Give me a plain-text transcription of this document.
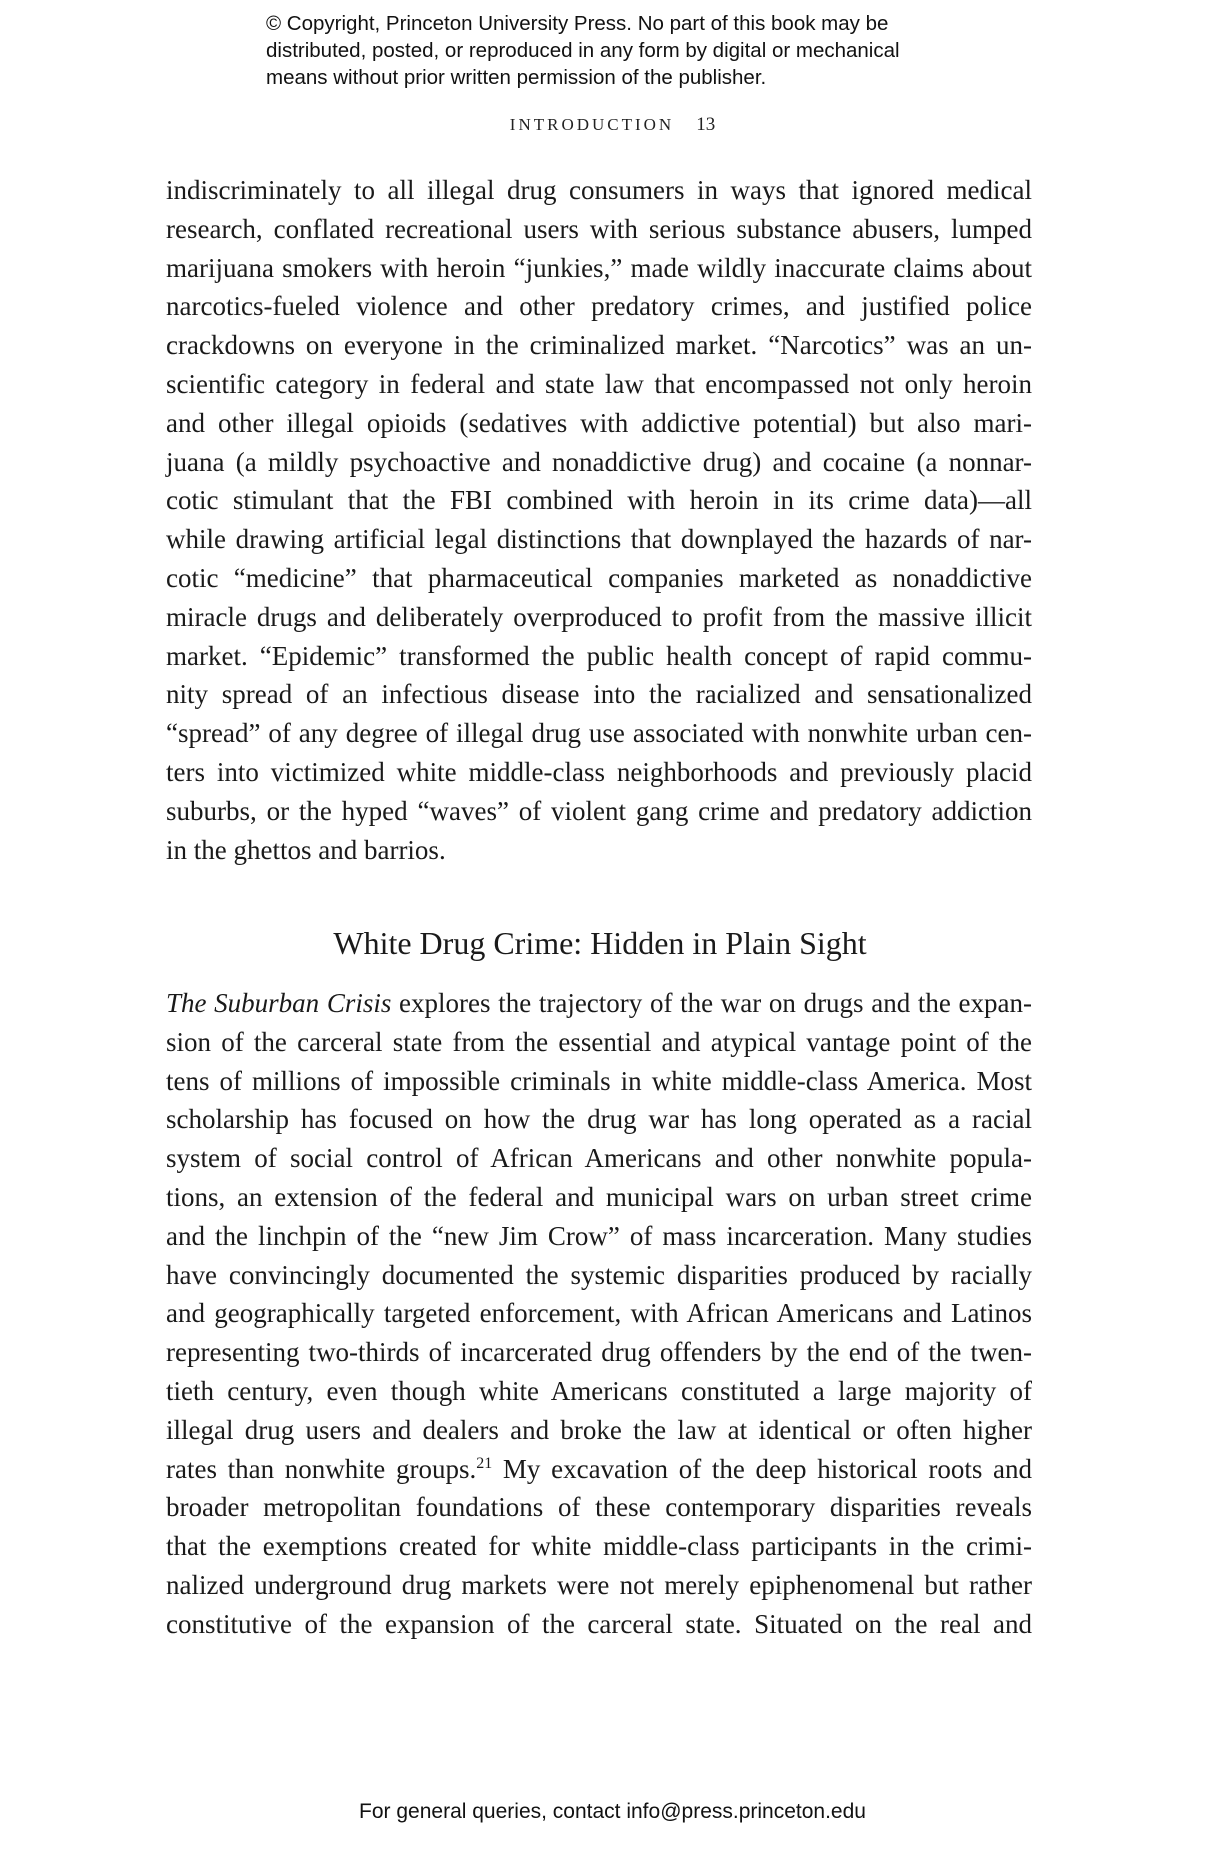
© Copyright, Princeton University Press. No part of this book may be
distributed, posted, or reproduced in any form by digital or mechanical
means without prior written permission of the publisher.
INTRODUCTION 13
indiscriminately to all illegal drug consumers in ways that ignored medical
research, conflated recreational users with serious substance abusers, lumped
marijuana smokers with heroin “junkies,” made wildly inaccurate claims about
narcotics-fueled violence and other predatory crimes, and justified police
crackdowns on everyone in the criminalized market. “Narcotics” was an un-
scientific category in federal and state law that encompassed not only heroin
and other illegal opioids (sedatives with addictive potential) but also mari-
juana (a mildly psychoactive and nonaddictive drug) and cocaine (a nonnar-
cotic stimulant that the FBI combined with heroin in its crime data)—all
while drawing artificial legal distinctions that downplayed the hazards of nar-
cotic “medicine” that pharmaceutical companies marketed as nonaddictive
miracle drugs and deliberately overproduced to profit from the massive illicit
market. “Epidemic” transformed the public health concept of rapid commu-
nity spread of an infectious disease into the racialized and sensationalized
“spread” of any degree of illegal drug use associated with nonwhite urban cen-
ters into victimized white middle-class neighborhoods and previously placid
suburbs, or the hyped “waves” of violent gang crime and predatory addiction
in the ghettos and barrios.
White Drug Crime: Hidden in Plain Sight
The Suburban Crisis explores the trajectory of the war on drugs and the expan-
sion of the carceral state from the essential and atypical vantage point of the
tens of millions of impossible criminals in white middle-class America. Most
scholarship has focused on how the drug war has long operated as a racial
system of social control of African Americans and other nonwhite popula-
tions, an extension of the federal and municipal wars on urban street crime
and the linchpin of the “new Jim Crow” of mass incarceration. Many studies
have convincingly documented the systemic disparities produced by racially
and geographically targeted enforcement, with African Americans and Latinos
representing two-thirds of incarcerated drug offenders by the end of the twen-
tieth century, even though white Americans constituted a large majority of
illegal drug users and dealers and broke the law at identical or often higher
rates than nonwhite groups.$^{21}$ My excavation of the deep historical roots and
broader metropolitan foundations of these contemporary disparities reveals
that the exemptions created for white middle-class participants in the crimi-
nalized underground drug markets were not merely epiphenomenal but rather
constitutive of the expansion of the carceral state. Situated on the real and
For general queries, contact info@press.princeton.edu
